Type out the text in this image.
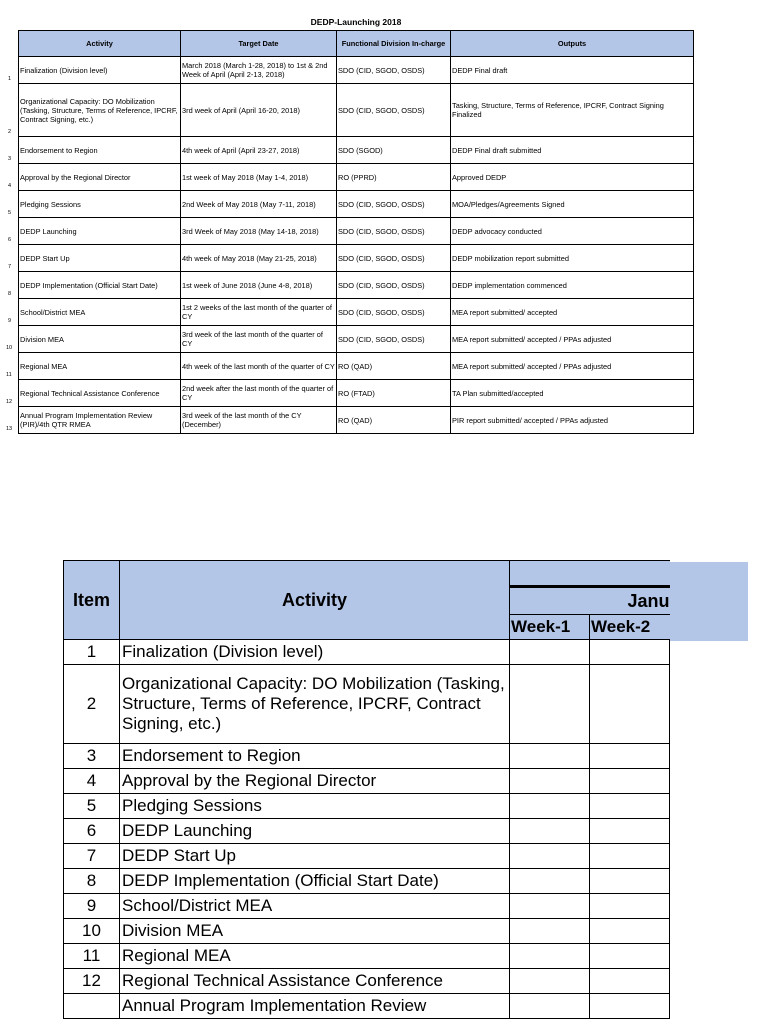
DEDP-Launching 2018
Activity	Target Date	Functional Division In-charge	Outputs
Finalization (Division level)	March 2018 (March 1-28, 2018) to 1st & 2nd Week of April (April 2-13, 2018)	SDO (CID, SGOD, OSDS)	DEDP Final draft
Organizational Capacity: DO Mobilization (Tasking, Structure, Terms of Reference, IPCRF, Contract Signing, etc.)	3rd week of April (April 16-20, 2018)	SDO (CID, SGOD, OSDS)	Tasking, Structure, Terms of Reference, IPCRF, Contract Signing Finalized
Endorsement to Region	4th week of April (April 23-27, 2018)	SDO (SGOD)	DEDP Final draft submitted
Approval by the Regional Director	1st week of May 2018 (May 1-4, 2018)	RO (PPRD)	Approved DEDP
Pledging Sessions	2nd Week of May 2018 (May 7-11, 2018)	SDO (CID, SGOD, OSDS)	MOA/Pledges/Agreements Signed
DEDP Launching	3rd Week of May 2018 (May 14-18, 2018)	SDO (CID, SGOD, OSDS)	DEDP advocacy conducted
DEDP Start Up	4th week of May 2018 (May 21-25, 2018)	SDO (CID, SGOD, OSDS)	DEDP mobilization report submitted
DEDP Implementation (Official Start Date)	1st week of June 2018 (June 4-8, 2018)	SDO (CID, SGOD, OSDS)	DEDP implementation commenced
School/District MEA	1st 2 weeks of the last month of the quarter of CY	SDO (CID, SGOD, OSDS)	MEA report submitted/ accepted
Division MEA	3rd week of the last month of the quarter of CY	SDO (CID, SGOD, OSDS)	MEA report submitted/ accepted / PPAs adjusted
Regional MEA	4th week of the last month of the quarter of CY	RO (QAD)	MEA report submitted/ accepted / PPAs adjusted
Regional Technical Assistance Conference	2nd week after the last month of the quarter of CY	RO (FTAD)	TA Plan submitted/accepted
Annual Program Implementation Review (PIR)/4th QTR RMEA	3rd week of the last month of the CY (December)	RO (QAD)	PIR report submitted/ accepted / PPAs adjusted
1
2
3
4
5
6
7
8
9
10
11
12
13
Item	Activity		
		Janu	
		Week-1	Week-2
1	Finalization (Division level)		
2	Organizational Capacity: DO Mobilization (Tasking, Structure, Terms of Reference, IPCRF, Contract Signing, etc.)		
3	Endorsement to Region		
4	Approval by the Regional Director		
5	Pledging Sessions		
6	DEDP Launching		
7	DEDP Start Up		
8	DEDP Implementation (Official Start Date)		
9	School/District MEA		
10	Division MEA		
11	Regional MEA		
12	Regional Technical Assistance Conference		
	Annual Program Implementation Review		
